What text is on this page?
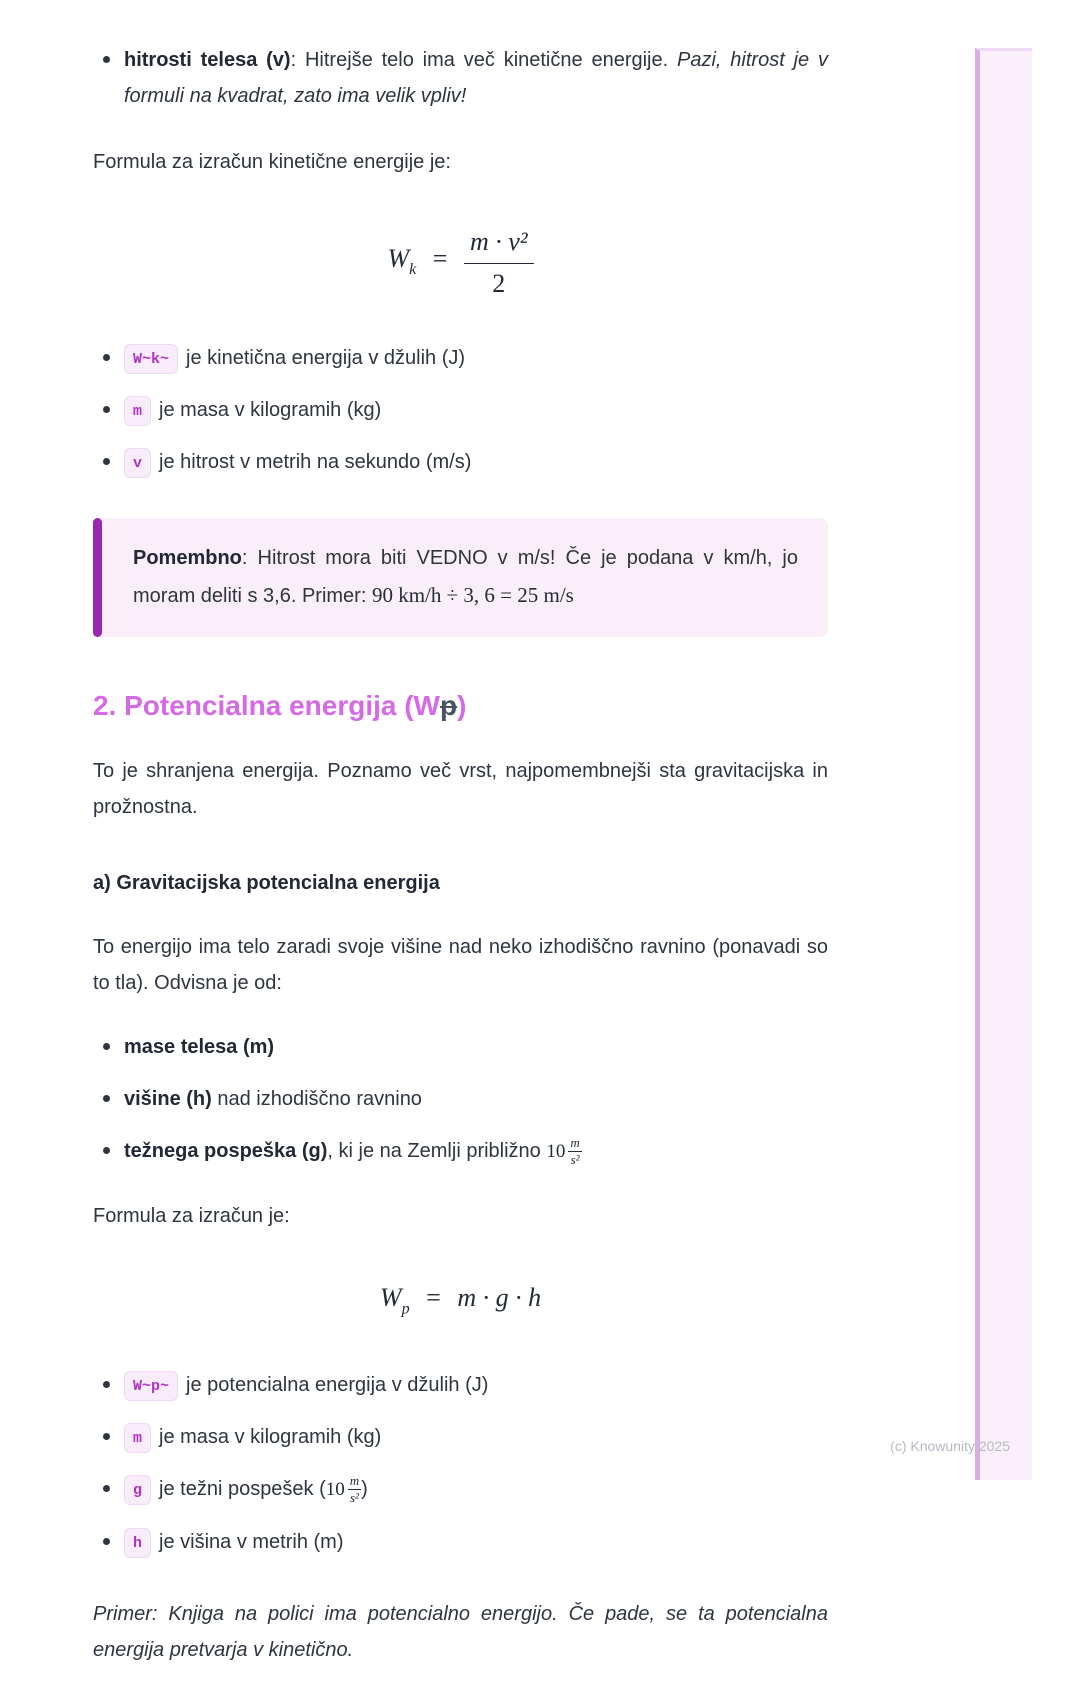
hitrosti telesa (v): Hitrejše telo ima več kinetične energije. Pazi, hitrost je v formuli na kvadrat, zato ima velik vpliv!

Formula za izračun kinetične energije je:

$W_k = \frac{\text{m · v²}}{2}$
W~k~ je kinetična energija v džulih (J)
m je masa v kilogramih (kg)
v je hitrost v metrih na sekundo (m/s)

Pomembno: Hitrost mora biti VEDNO v m/s! Če je podana v km/h, jo moram deliti s 3,6. Primer: 90 km/h ÷ 3, 6 = 25 m/s

2. Potencialna energija (Wp)

To je shranjena energija. Poznamo več vrst, najpomembnejši sta gravitacijska in prožnostna.

a) Gravitacijska potencialna energija

To energijo ima telo zaradi svoje višine nad neko izhodiščno ravnino (ponavadi so to tla). Odvisna je od:

mase telesa (m)
višine (h) nad izhodiščno ravnino
težnega pospeška (g), ki je na Zemlji približno $10 \frac{m}{\text{s²}}$

Formula za izračun je:

$W_p = m \cdot g \cdot h$
W~p~ je potencialna energija v džulih (J)
m je masa v kilogramih (kg)
g je težni pospešek ($10 \frac{m}{\text{s²}}$ )
h je višina v metrih (m)

Primer: Knjiga na polici ima potencialno energijo. Če pade, se ta potencialna energija pretvarja v kinetično.

(c) Knowunity 2025
